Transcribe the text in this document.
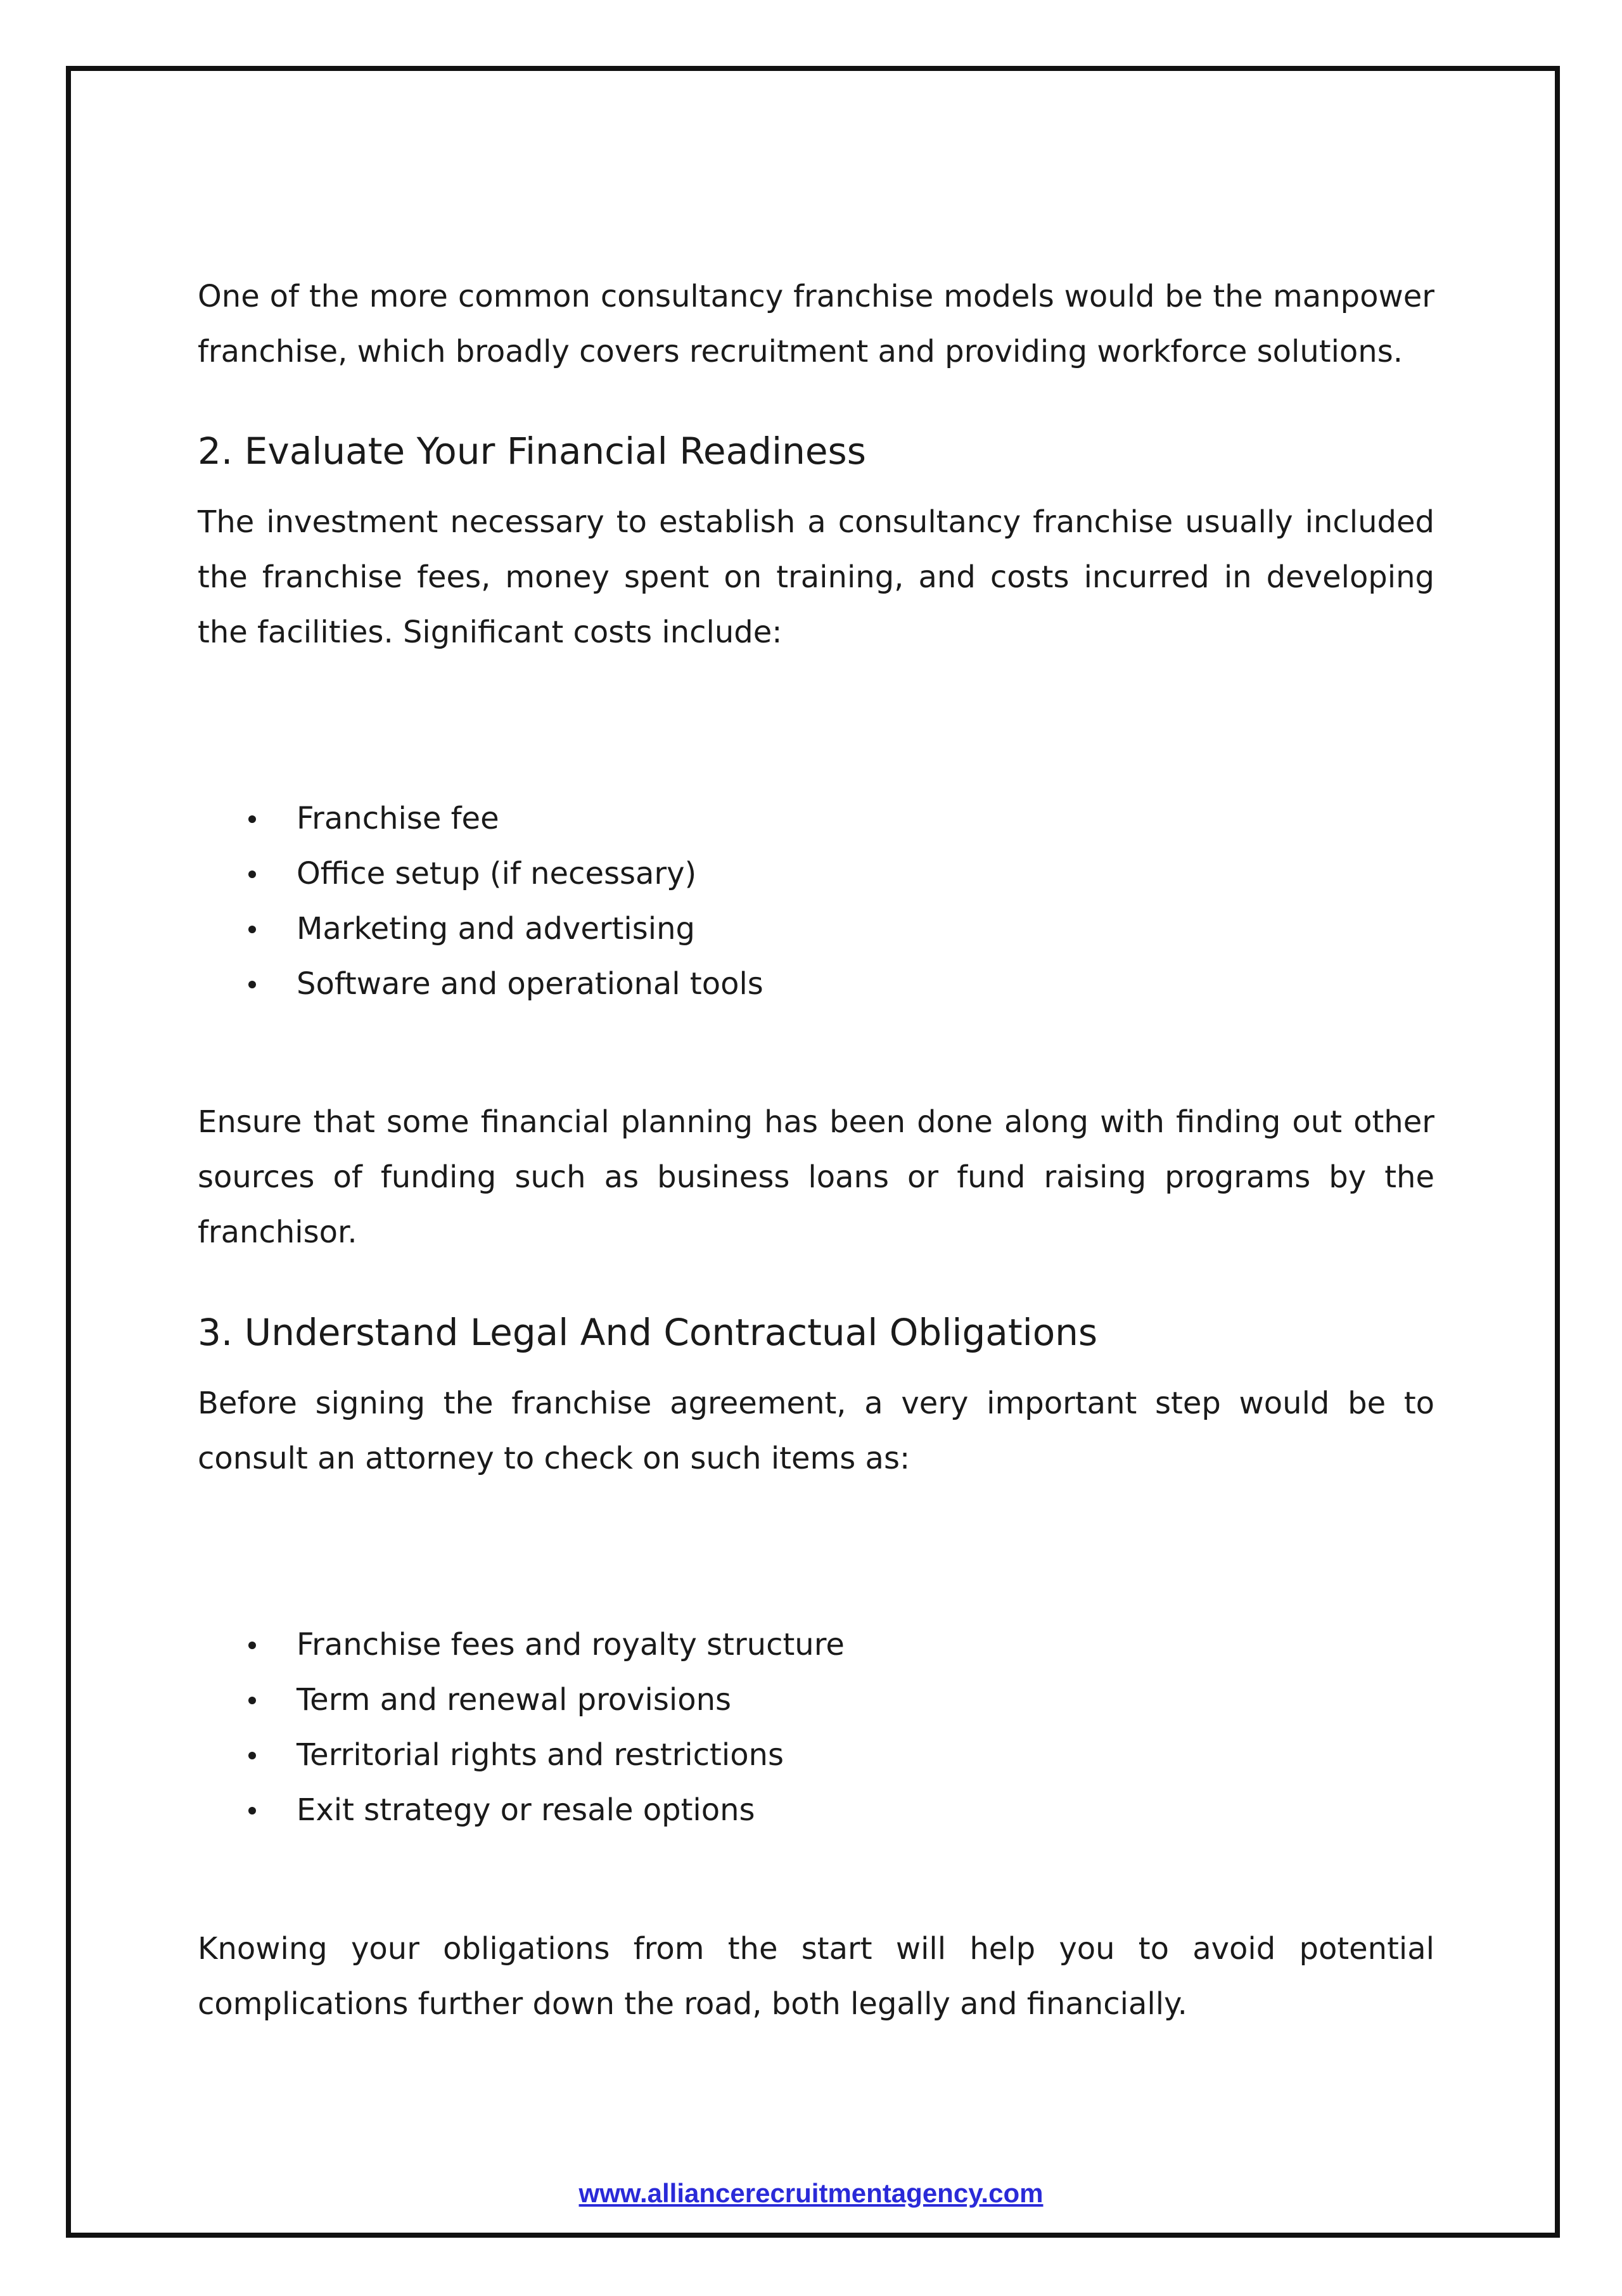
One of the more common consultancy franchise models would be the manpower franchise, which broadly covers recruitment and providing workforce solutions.

2. Evaluate Your Financial Readiness

The investment necessary to establish a consultancy franchise usually included the franchise fees, money spent on training, and costs incurred in developing the facilities. Significant costs include:

Franchise fee
Office setup (if necessary)
Marketing and advertising
Software and operational tools

Ensure that some financial planning has been done along with finding out other sources of funding such as business loans or fund raising programs by the franchisor.

3. Understand Legal And Contractual Obligations

Before signing the franchise agreement, a very important step would be to consult an attorney to check on such items as:

Franchise fees and royalty structure
Term and renewal provisions
Territorial rights and restrictions
Exit strategy or resale options

Knowing your obligations from the start will help you to avoid potential complications further down the road, both legally and financially.

www.alliancerecruitmentagency.com
